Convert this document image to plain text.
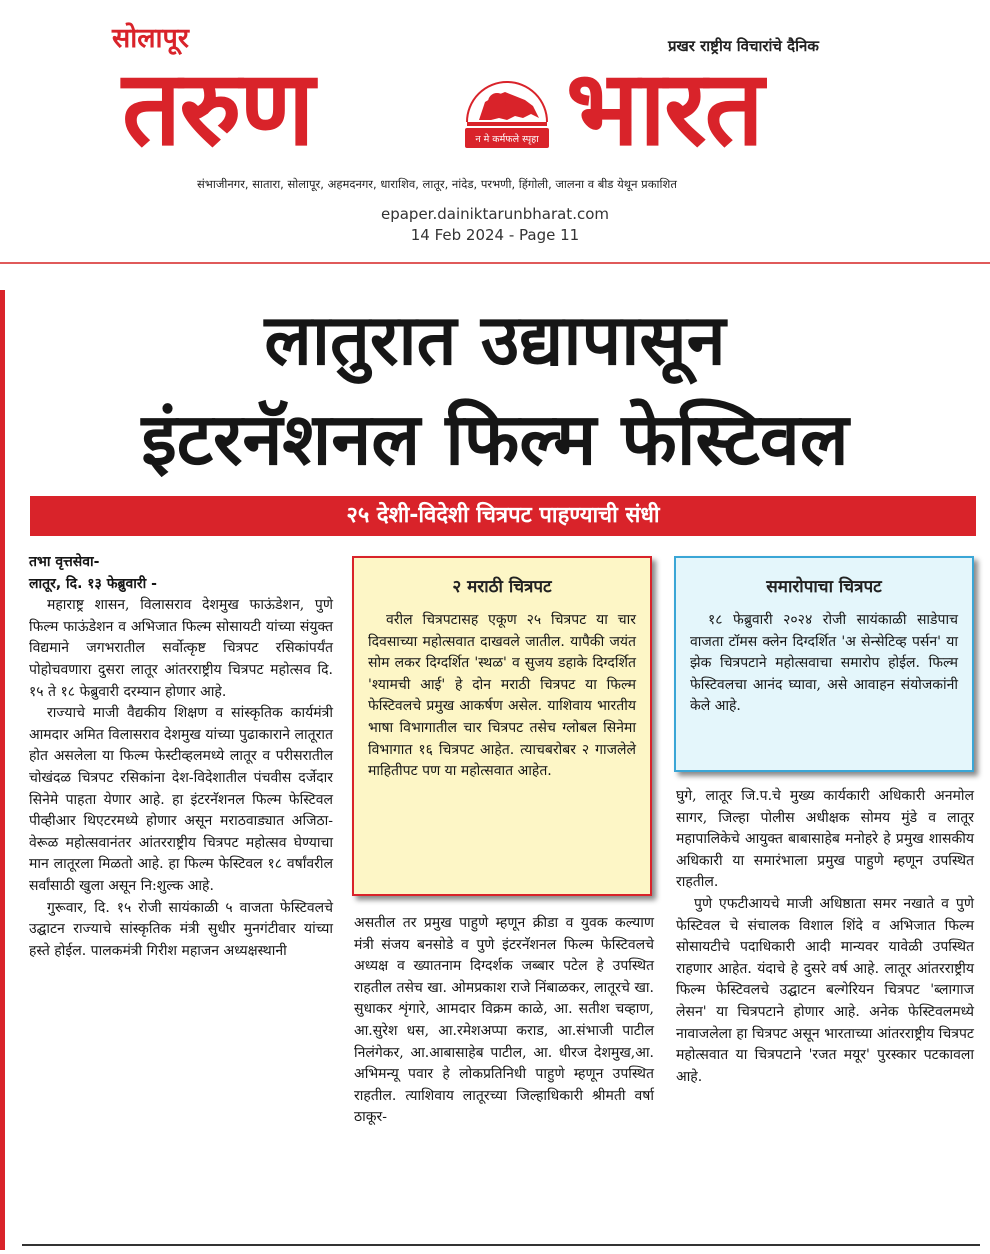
सोलापूर	प्रखर राष्ट्रीय विचारांचे दैनिक
तरुण भारत
न मे कर्मफले स्पृहा
संभाजीनगर, सातारा, सोलापूर, अहमदनगर, धाराशिव, लातूर, नांदेड, परभणी, हिंगोली, जालना व बीड येथून प्रकाशित
epaper.dainiktarunbharat.com
14 Feb 2024 - Page 11
लातुरात उद्यापासून
इंटरनॅशनल फिल्म फेस्टिवल
२५ देशी-विदेशी चित्रपट पाहण्याची संधी

तभा वृत्तसेवा-

लातूर, दि. १३ फेब्रुवारी -

महाराष्ट्र शासन, विलासराव देशमुख फाऊंडेशन, पुणे फिल्म फाऊंडेशन व अभिजात फिल्म सोसायटी यांच्या संयुक्त विद्यमाने जगभरातील सर्वोत्कृष्ट चित्रपट रसिकांपर्यंत पोहोचवणारा दुसरा लातूर आंतरराष्ट्रीय चित्रपट महोत्सव दि. १५ ते १८ फेब्रुवारी दरम्यान होणार आहे.

राज्याचे माजी वैद्यकीय शिक्षण व सांस्कृतिक कार्यमंत्री आमदार अमित विलासराव देशमुख यांच्या पुढाकाराने लातूरात होत असलेला या फिल्म फेस्टीव्हलमध्ये लातूर व परीसरातील चोखंदळ चित्रपट रसिकांना देश-विदेशातील पंचवीस दर्जेदार सिनेमे पाहता येणार आहे. हा इंटरनॅशनल फिल्म फेस्टिवल पीव्हीआर थिएटरमध्ये होणार असून मराठवाड्यात अजिठा-वेरूळ महोत्सवानंतर आंतरराष्ट्रीय चित्रपट महोत्सव घेण्याचा मान लातूरला मिळतो आहे. हा फिल्म फेस्टिवल १८ वर्षांवरील सर्वांसाठी खुला असून नि:शुल्क आहे.

गुरूवार, दि. १५ रोजी सायंकाळी ५ वाजता फेस्टिवलचे उद्घाटन राज्याचे सांस्कृतिक मंत्री सुधीर मुनगंटीवार यांच्या हस्ते होईल. पालकमंत्री गिरीश महाजन अध्यक्षस्थानी

२ मराठी चित्रपट

वरील चित्रपटासह एकूण २५ चित्रपट या चार दिवसाच्या महोत्सवात दाखवले जातील. यापैकी जयंत सोम लकर दिग्दर्शित 'स्थळ' व सुजय डहाके दिग्दर्शित 'श्यामची आई' हे दोन मराठी चित्रपट या फिल्म फेस्टिवलचे प्रमुख आकर्षण असेल. याशिवाय भारतीय भाषा विभागातील चार चित्रपट तसेच ग्लोबल सिनेमा विभागात १६ चित्रपट आहेत. त्याचबरोबर २ गाजलेले माहितीपट पण या महोत्सवात आहेत.

समारोपाचा चित्रपट

१८ फेब्रुवारी २०२४ रोजी सायंकाळी साडेपाच वाजता टॉमस क्लेन दिग्दर्शित 'अ सेन्सेटिव्ह पर्सन' या झेक चित्रपटाने महोत्सवाचा समारोप होईल. फिल्म फेस्टिवलचा आनंद घ्यावा, असे आवाहन संयोजकांनी केले आहे.

असतील तर प्रमुख पाहुणे म्हणून क्रीडा व युवक कल्याण मंत्री संजय बनसोडे व पुणे इंटरनॅशनल फिल्म फेस्टिवलचे अध्यक्ष व ख्यातनाम दिग्दर्शक जब्बार पटेल हे उपस्थित राहतील तसेच खा. ओमप्रकाश राजे निंबाळकर, लातूरचे खा. सुधाकर शृंगारे, आमदार विक्रम काळे, आ. सतीश चव्हाण, आ.सुरेश धस, आ.रमेशअप्पा कराड, आ.संभाजी पाटील निलंगेकर, आ.आबासाहेब पाटील, आ. धीरज देशमुख,आ. अभिमन्यू पवार हे लोकप्रतिनिधी पाहुणे म्हणून उपस्थित राहतील. त्याशिवाय लातूरच्या जिल्हाधिकारी श्रीमती वर्षा ठाकूर-

घुगे, लातूर जि.प.चे मुख्य कार्यकारी अधिकारी अनमोल सागर, जिल्हा पोलीस अधीक्षक सोमय मुंडे व लातूर महापालिकेचे आयुक्त बाबासाहेब मनोहरे हे प्रमुख शासकीय अधिकारी या समारंभाला प्रमुख पाहुणे म्हणून उपस्थित राहतील.

पुणे एफटीआयचे माजी अधिष्ठाता समर नखाते व पुणे फेस्टिवल चे संचालक विशाल शिंदे व अभिजात फिल्म सोसायटीचे पदाधिकारी आदी मान्यवर यावेळी उपस्थित राहणार आहेत. यंदाचे हे दुसरे वर्ष आहे. लातूर आंतरराष्ट्रीय फिल्म फेस्टिवलचे उद्घाटन बल्गेरियन चित्रपट 'ब्लागाज लेसन' या चित्रपटाने होणार आहे. अनेक फेस्टिवलमध्ये नावाजलेला हा चित्रपट असून भारताच्या आंतरराष्ट्रीय चित्रपट महोत्सवात या चित्रपटाने 'रजत मयूर' पुरस्कार पटकावला आहे.
